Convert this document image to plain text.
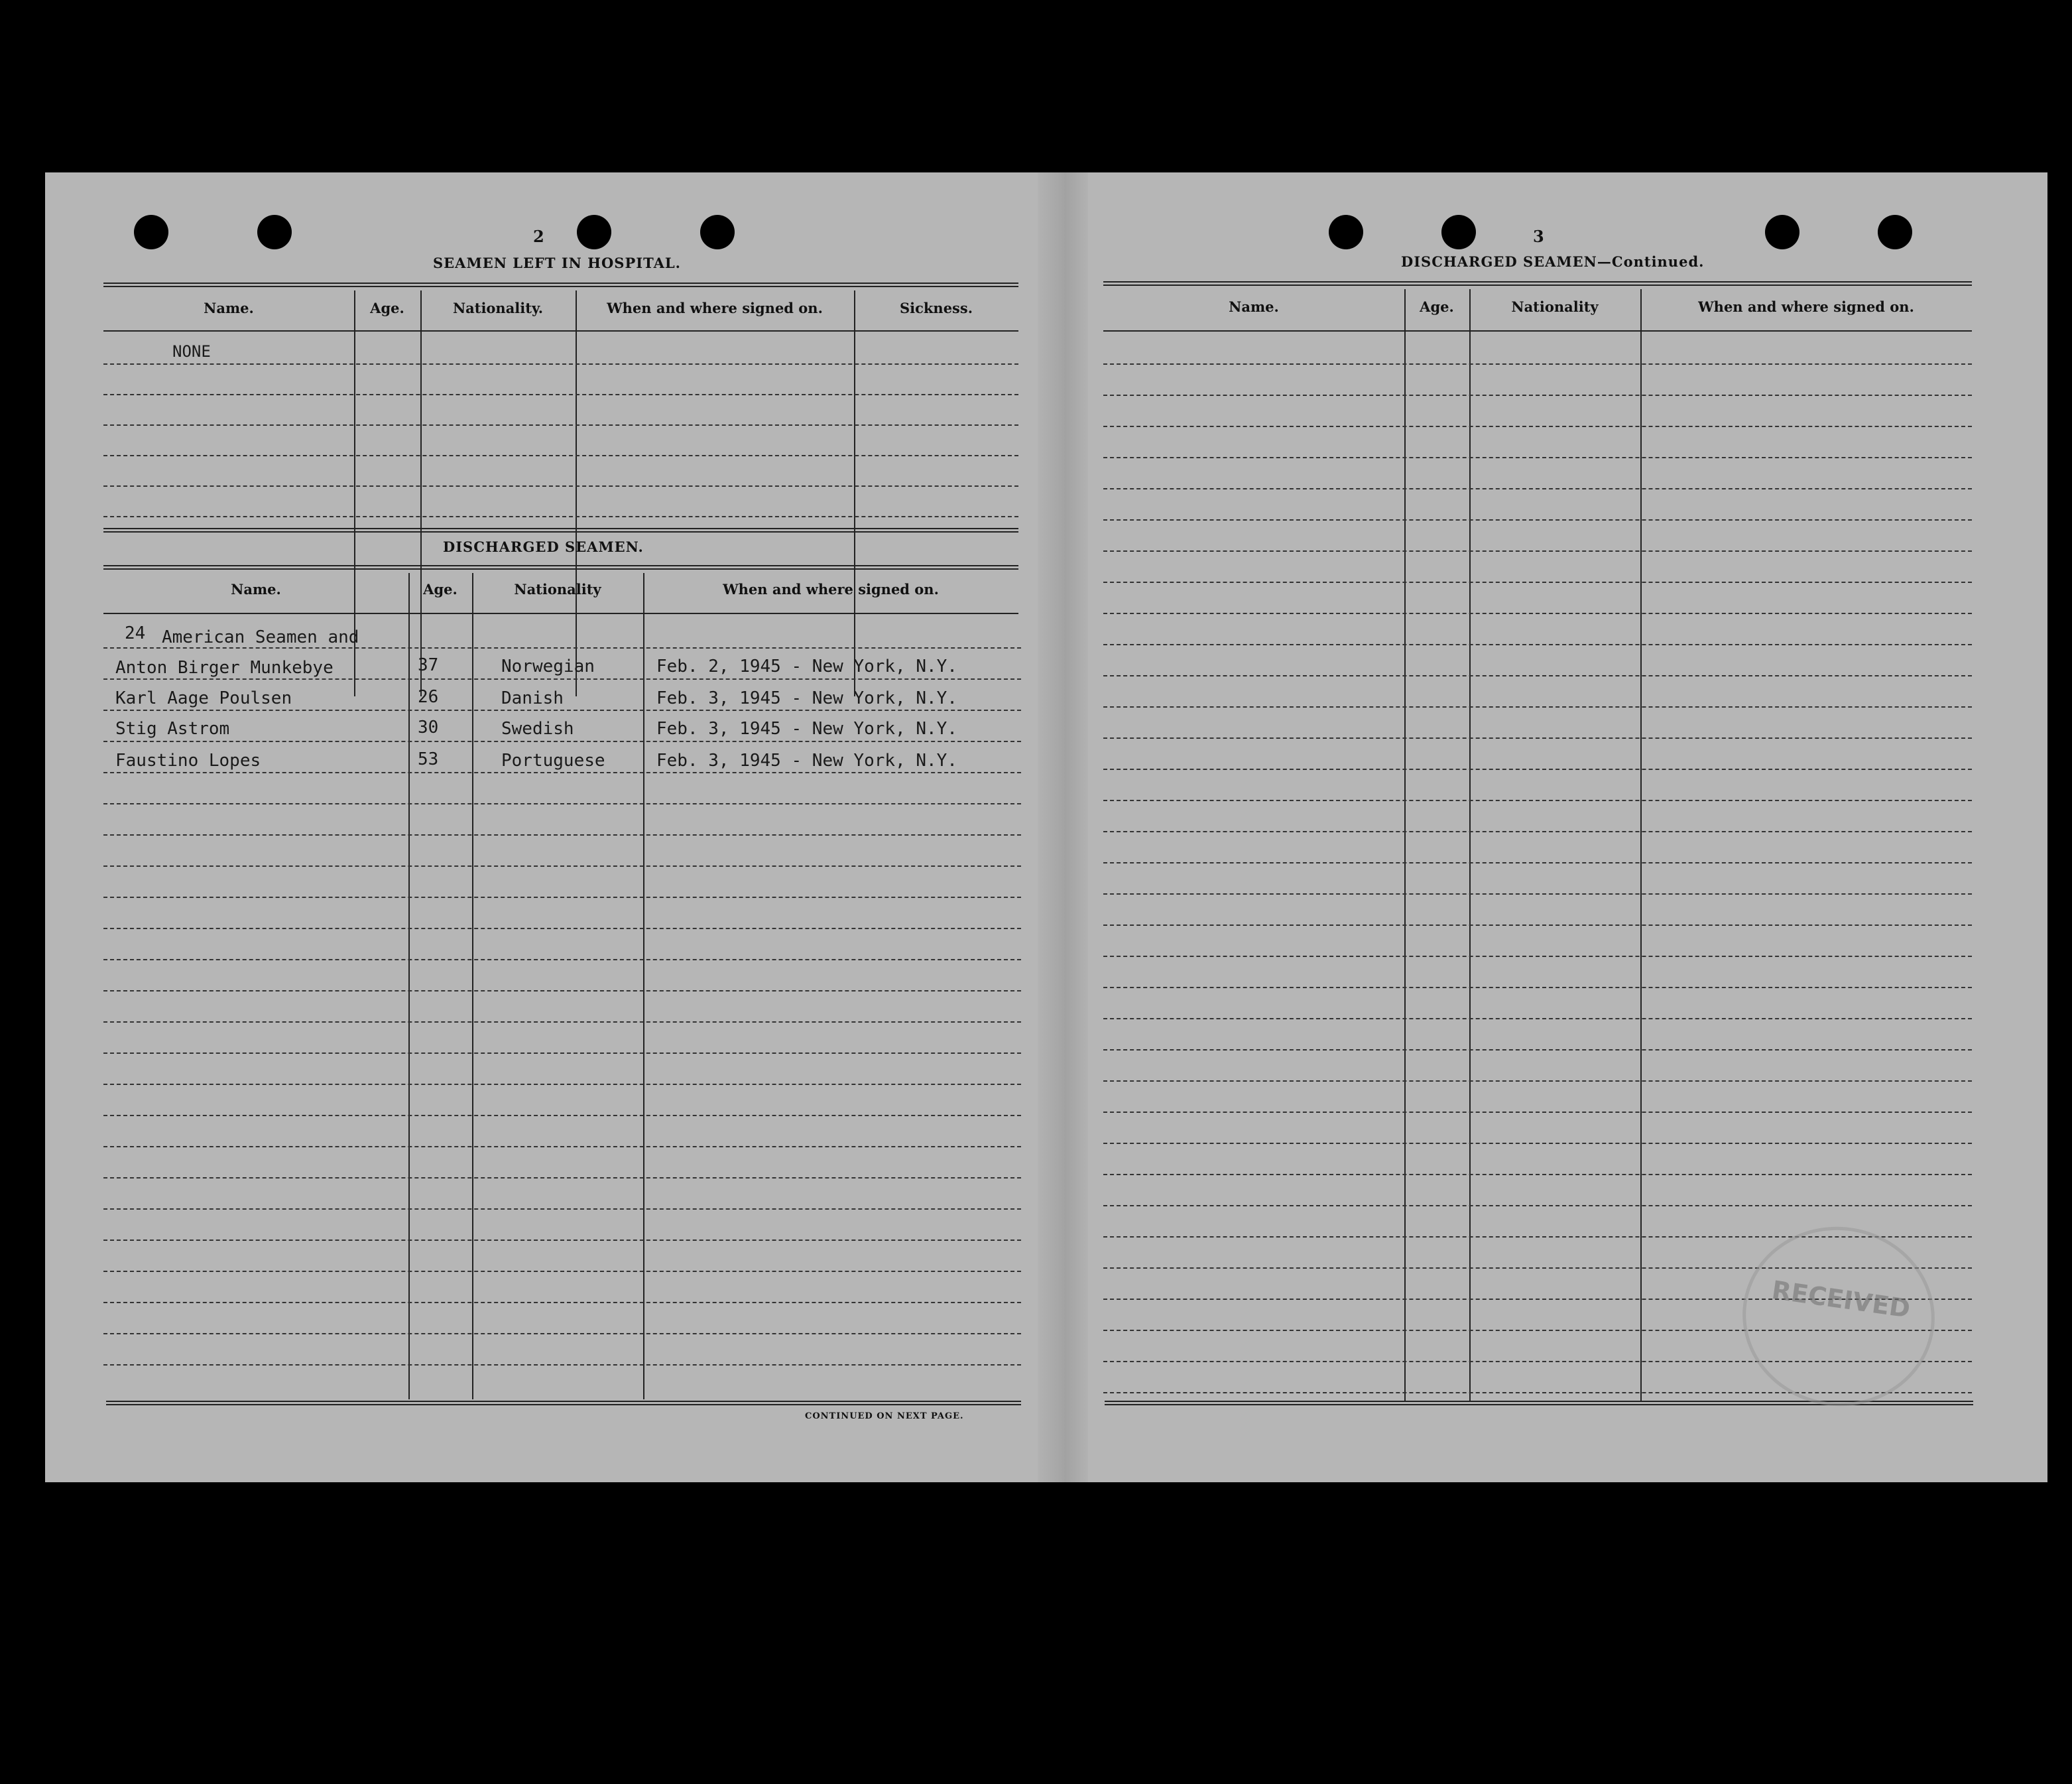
2
SEAMEN LEFT IN HOSPITAL.
Name.	Age.	Nationality.	When and where signed on.	Sickness.
NONE
DISCHARGED SEAMEN.
Name.	Age.	Nationality	When and where signed on.
24 American Seamen and
Anton Birger Munkebye	37	Norwegian	Feb. 2, 1945 - New York, N.Y.
Karl Aage Poulsen	26	Danish	Feb. 3, 1945 - New York, N.Y.
Stig Astrom	30	Swedish	Feb. 3, 1945 - New York, N.Y.
Faustino Lopes	53	Portuguese	Feb. 3, 1945 - New York, N.Y.
CONTINUED ON NEXT PAGE.
3
DISCHARGED SEAMEN—Continued.
Name.	Age.	Nationality	When and where signed on.
RECEIVED
